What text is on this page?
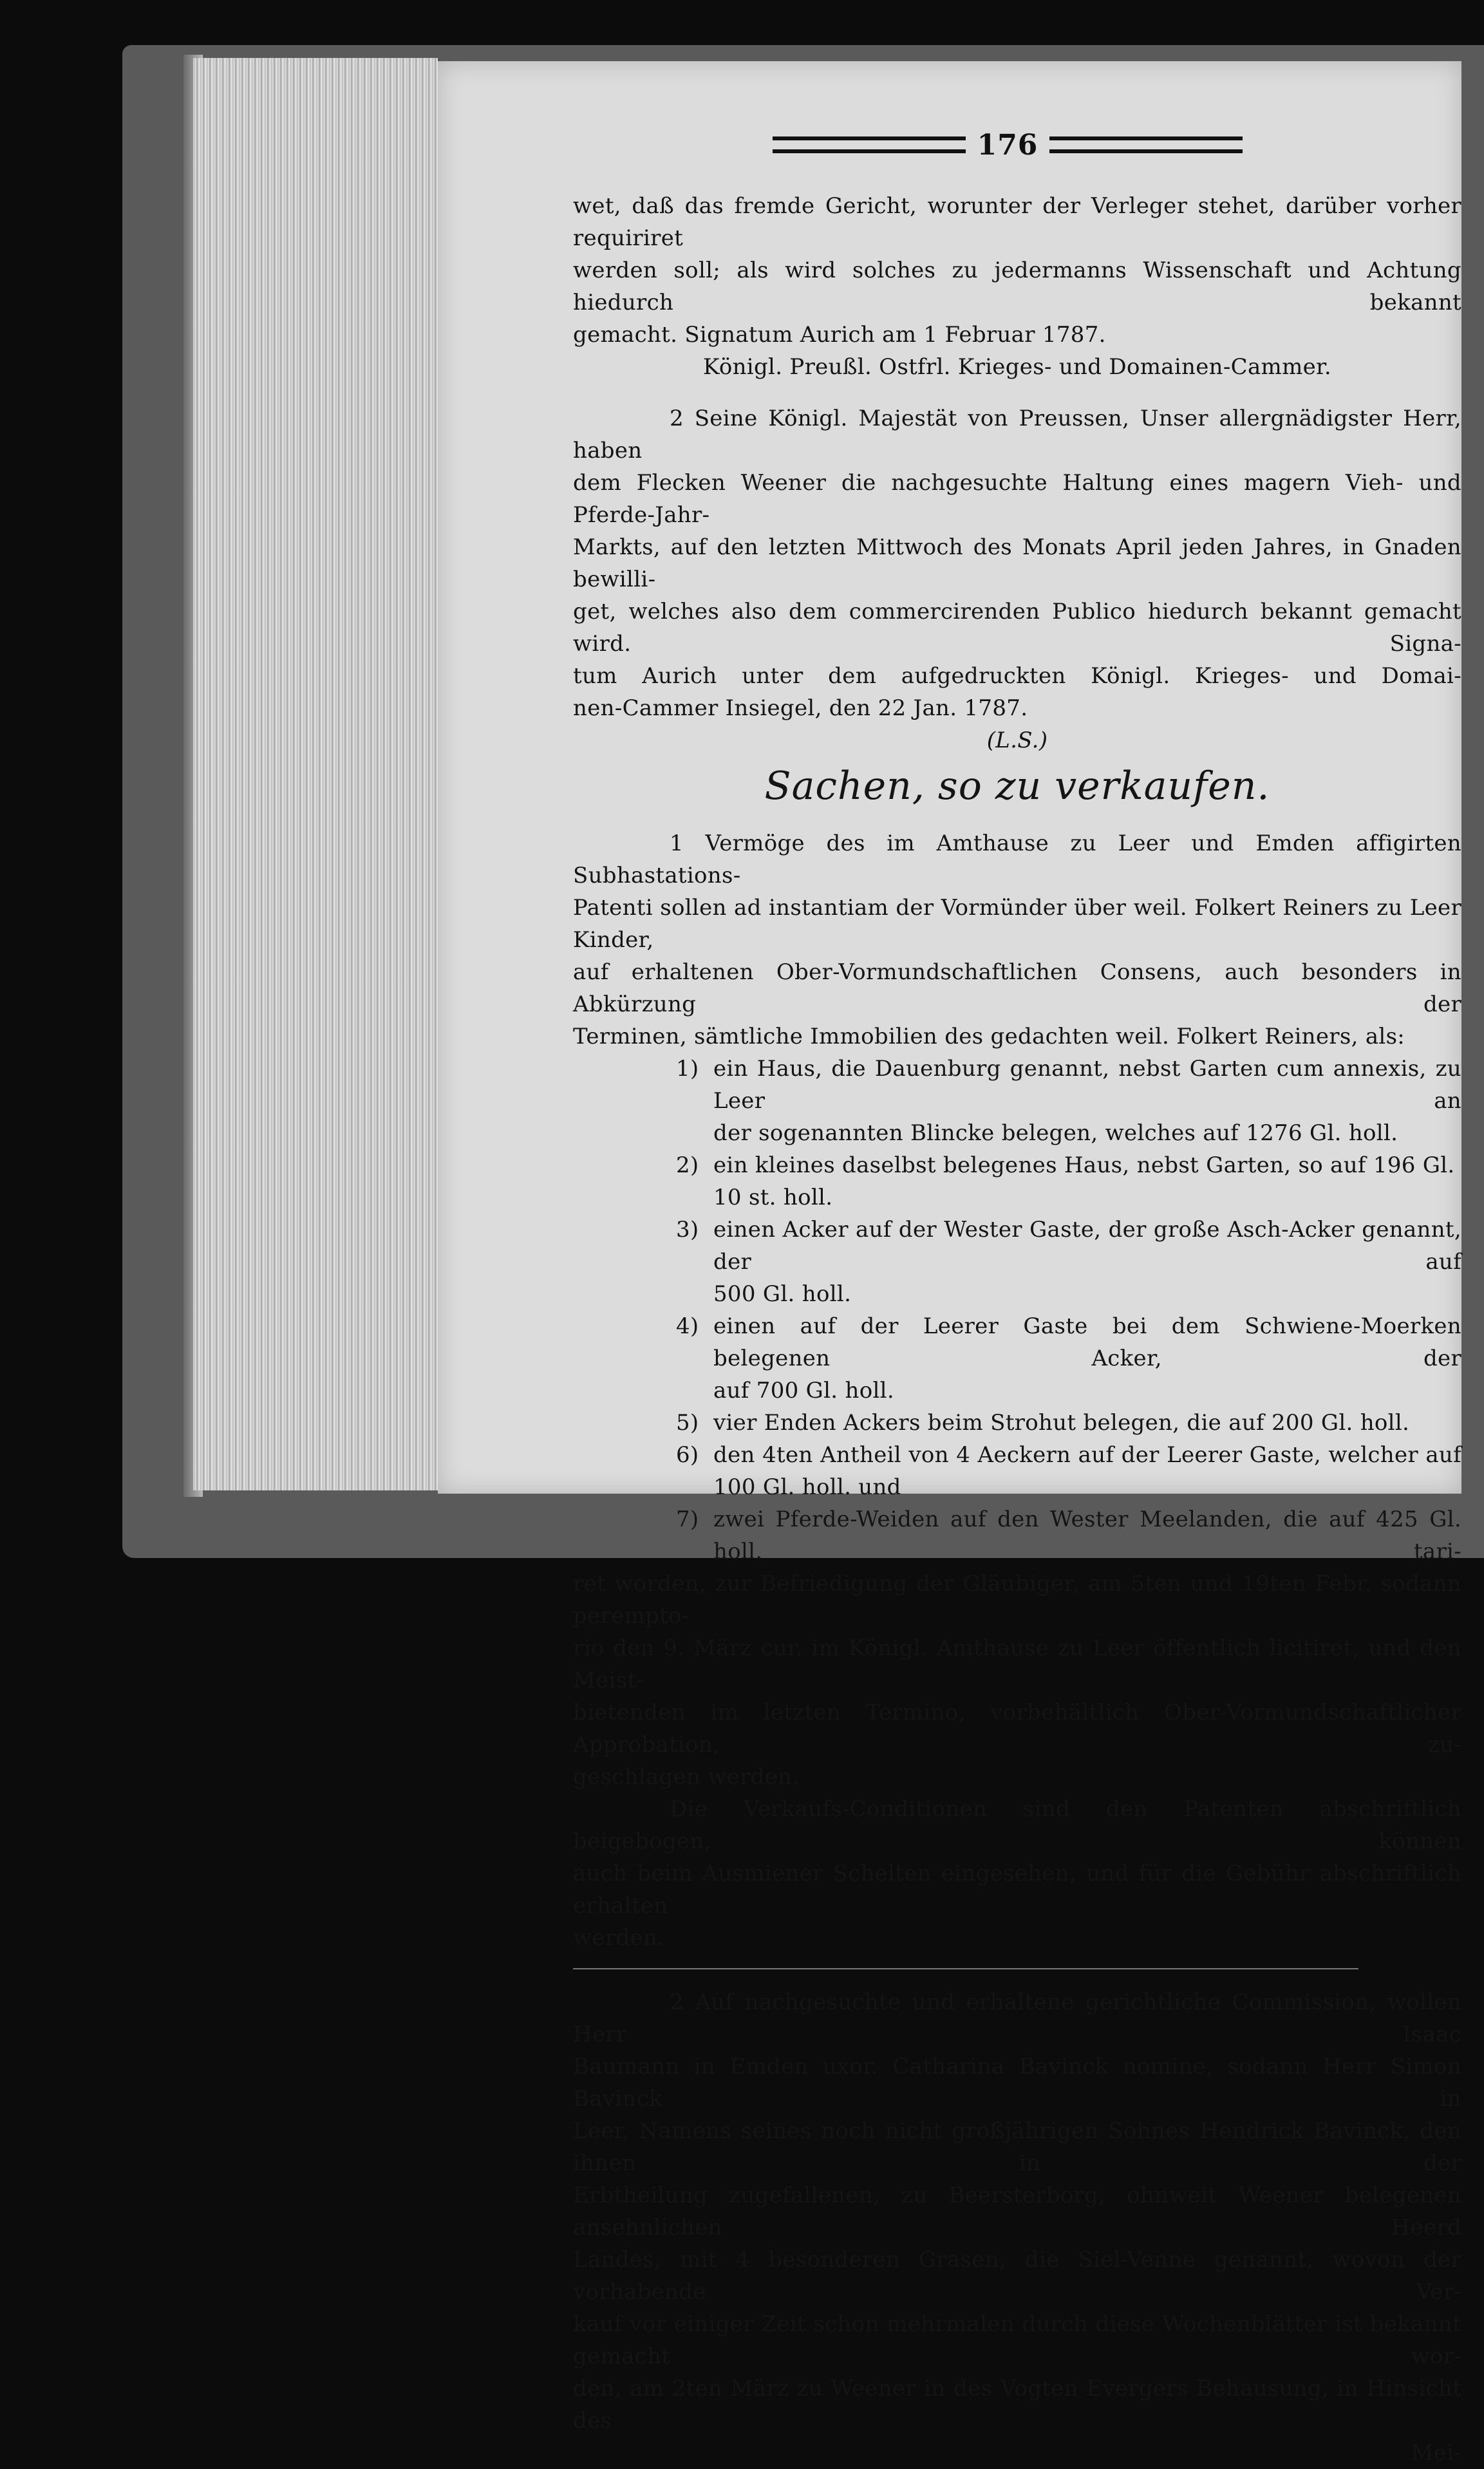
176

wet, daß das fremde Gericht, worunter der Verleger stehet, darüber vorher requiriret

werden soll; als wird solches zu jedermanns Wissenschaft und Achtung hiedurch bekannt

gemacht. Signatum Aurich am 1 Februar 1787.

Königl. Preußl. Ostfrl. Krieges- und Domainen-Cammer.

2 Seine Königl. Majestät von Preussen, Unser allergnädigster Herr, haben

dem Flecken Weener die nachgesuchte Haltung eines magern Vieh- und Pferde-Jahr-

Markts, auf den letzten Mittwoch des Monats April jeden Jahres, in Gnaden bewilli-

get, welches also dem commercirenden Publico hiedurch bekannt gemacht wird. Signa-

tum Aurich unter dem aufgedruckten Königl. Krieges- und Domai-

nen-Cammer Insiegel, den 22 Jan. 1787.

(L.S.)

Sachen, so zu verkaufen.

1 Vermöge des im Amthause zu Leer und Emden affigirten Subhastations-

Patenti sollen ad instantiam der Vormünder über weil. Folkert Reiners zu Leer Kinder,

auf erhaltenen Ober-Vormundschaftlichen Consens, auch besonders in Abkürzung der

Terminen, sämtliche Immobilien des gedachten weil. Folkert Reiners, als:

1) ein Haus, die Dauenburg genannt, nebst Garten cum annexis, zu Leer an

der sogenannten Blincke belegen, welches auf 1276 Gl. holl.

2) ein kleines daselbst belegenes Haus, nebst Garten, so auf 196 Gl. 10 st. holl.

3) einen Acker auf der Wester Gaste, der große Asch-Acker genannt, der auf

500 Gl. holl.

4) einen auf der Leerer Gaste bei dem Schwiene-Moerken belegenen Acker, der

auf 700 Gl. holl.

5) vier Enden Ackers beim Strohut belegen, die auf 200 Gl. holl.

6) den 4ten Antheil von 4 Aeckern auf der Leerer Gaste, welcher auf

100 Gl. holl. und

7) zwei Pferde-Weiden auf den Wester Meelanden, die auf 425 Gl. holl. tari-

ret worden, zur Befriedigung der Gläubiger, am 5ten und 19ten Febr. sodann perempto-

rio den 9. März cur. im Königl. Amthause zu Leer öffentlich licitiret, und den Meist-

bietenden im letzten Termino, vorbehältlich Ober-Vormundschaftlicher Approbation, zu-

geschlagen werden.

Die Verkaufs-Conditionen sind den Patenten abschriftlich beigebogen, können

auch beim Ausmiener Schelten eingesehen, und für die Gebühr abschriftlich erhalten

werden.

2 Auf nachgesuchte und erhaltene gerichtliche Commission, wollen Herr Isaac

Baumann in Emden uxor. Catharina Bavinck nomine, sodann Herr Simon Bavinck in

Leer, Namens seines noch nicht großjährigen Sohnes Hendrick Bavinck, den ihnen in der

Erbtheilung zugefallenen, zu Beersterborg, ohnweit Weener belegenen ansehnlichen Heerd

Landes, mit 4 besonderen Grasen, die Siel-Venne genannt, wovon der vorhabende Ver-

kauf vor einiger Zeit schon mehrmalen durch diese Wochenblätter ist bekannt gemacht wor-

den, am 2ten März zu Weener in des Vogten Evergers Behausung, in Hinsicht des

Mei-
